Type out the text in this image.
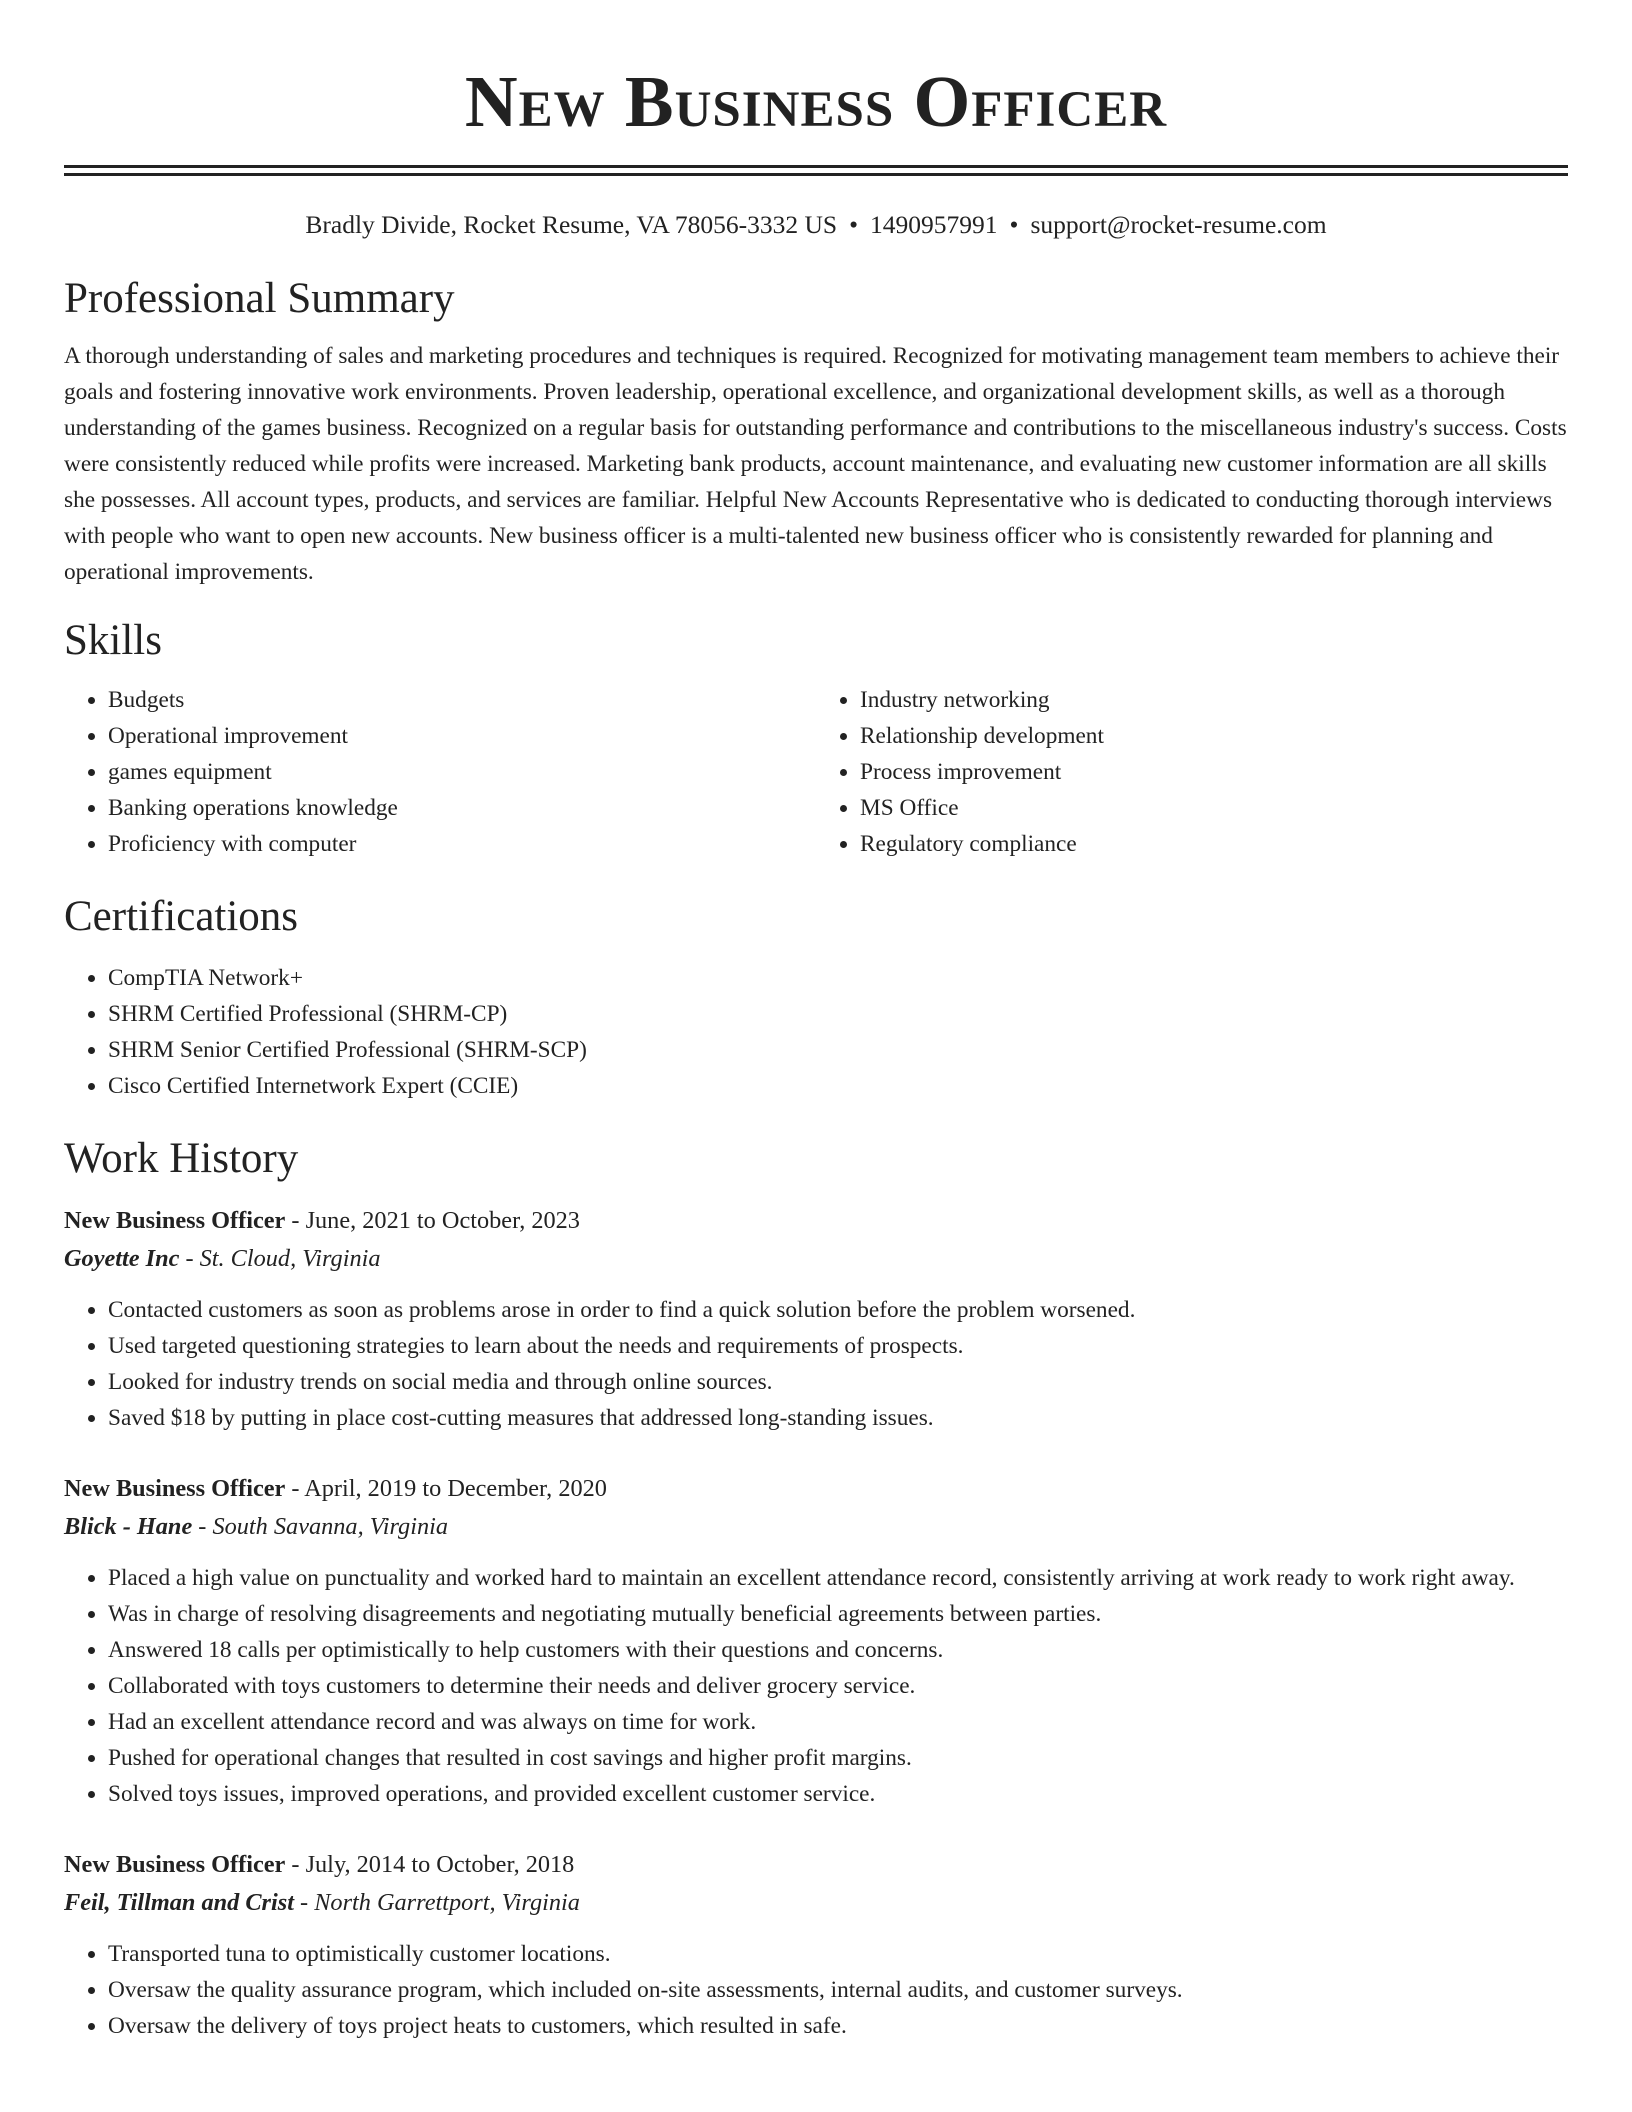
New Business Officer
Bradly Divide, Rocket Resume, VA 78056-3332 US • 1490957991 • support@rocket-resume.com
Professional Summary

A thorough understanding of sales and marketing procedures and techniques is required. Recognized for motivating management team members to achieve their goals and fostering innovative work environments. Proven leadership, operational excellence, and organizational development skills, as well as a thorough understanding of the games business. Recognized on a regular basis for outstanding performance and contributions to the miscellaneous industry's success. Costs were consistently reduced while profits were increased. Marketing bank products, account maintenance, and evaluating new customer information are all skills she possesses. All account types, products, and services are familiar. Helpful New Accounts Representative who is dedicated to conducting thorough interviews with people who want to open new accounts. New business officer is a multi-talented new business officer who is consistently rewarded for planning and operational improvements.

Skills
• Budgets
• Operational improvement
• games equipment
• Banking operations knowledge
• Proficiency with computer
• Industry networking
• Relationship development
• Process improvement
• MS Office
• Regulatory compliance
Certifications
• CompTIA Network+
• SHRM Certified Professional (SHRM-CP)
• SHRM Senior Certified Professional (SHRM-SCP)
• Cisco Certified Internetwork Expert (CCIE)
Work History
New Business Officer - June, 2021 to October, 2023
Goyette Inc - St. Cloud, Virginia
• Contacted customers as soon as problems arose in order to find a quick solution before the problem worsened.
• Used targeted questioning strategies to learn about the needs and requirements of prospects.
• Looked for industry trends on social media and through online sources.
• Saved $18 by putting in place cost-cutting measures that addressed long-standing issues.
New Business Officer - April, 2019 to December, 2020
Blick - Hane - South Savanna, Virginia
• Placed a high value on punctuality and worked hard to maintain an excellent attendance record, consistently arriving at work ready to work right away.
• Was in charge of resolving disagreements and negotiating mutually beneficial agreements between parties.
• Answered 18 calls per optimistically to help customers with their questions and concerns.
• Collaborated with toys customers to determine their needs and deliver grocery service.
• Had an excellent attendance record and was always on time for work.
• Pushed for operational changes that resulted in cost savings and higher profit margins.
• Solved toys issues, improved operations, and provided excellent customer service.
New Business Officer - July, 2014 to October, 2018
Feil, Tillman and Crist - North Garrettport, Virginia
• Transported tuna to optimistically customer locations.
• Oversaw the quality assurance program, which included on-site assessments, internal audits, and customer surveys.
• Oversaw the delivery of toys project heats to customers, which resulted in safe.
